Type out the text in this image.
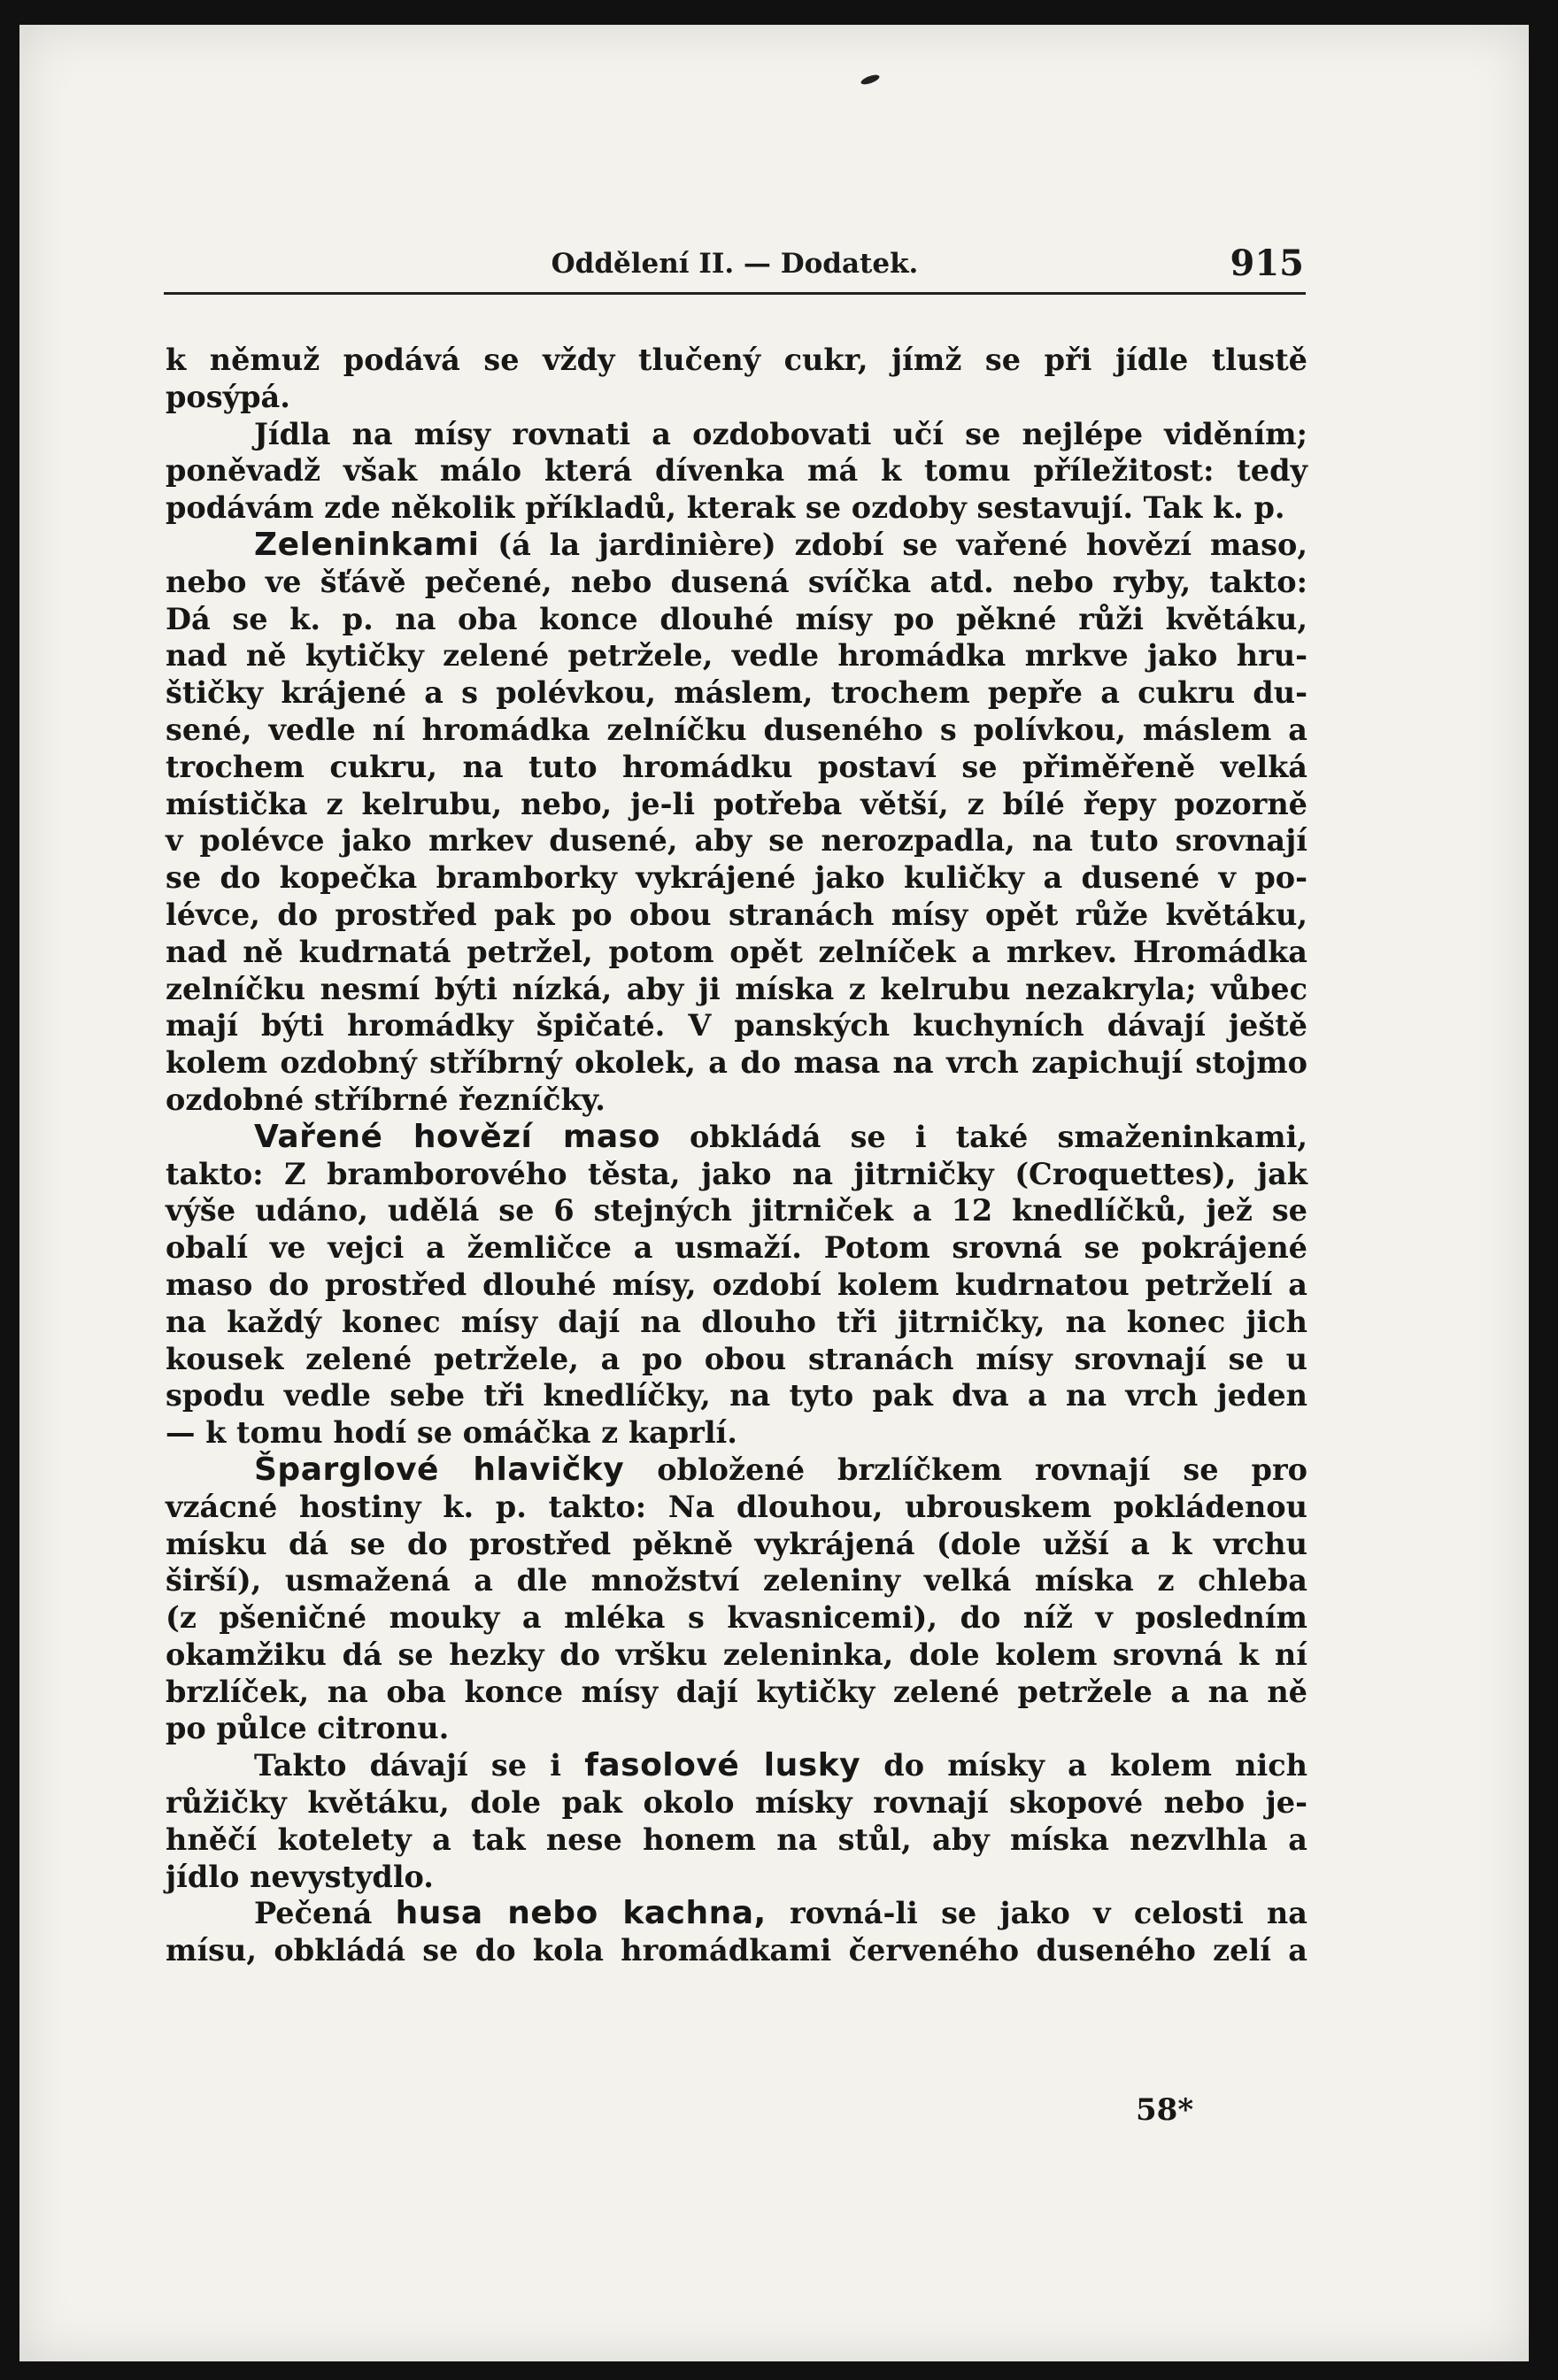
Oddělení II. — Dodatek.	915
k němuž podává se vždy tlučený cukr, jímž se při jídle tlustě
posýpá.
Jídla na mísy rovnati a ozdobovati učí se nejlépe viděním;
poněvadž však málo která dívenka má k tomu příležitost: tedy
podávám zde několik příkladů, kterak se ozdoby sestavují. Tak k. p.
Zeleninkami (á la jardinière) zdobí se vařené hovězí maso,
nebo ve šťávě pečené, nebo dusená svíčka atd. nebo ryby, takto:
Dá se k. p. na oba konce dlouhé mísy po pěkné růži květáku,
nad ně kytičky zelené petržele, vedle hromádka mrkve jako hru-
štičky krájené a s polévkou, máslem, trochem pepře a cukru du-
sené, vedle ní hromádka zelníčku duseného s polívkou, máslem a
trochem cukru, na tuto hromádku postaví se přiměřeně velká
místička z kelrubu, nebo, je-li potřeba větší, z bílé řepy pozorně
v polévce jako mrkev dusené, aby se nerozpadla, na tuto srovnají
se do kopečka bramborky vykrájené jako kuličky a dusené v po-
lévce, do prostřed pak po obou stranách mísy opět růže květáku,
nad ně kudrnatá petržel, potom opět zelníček a mrkev. Hromádka
zelníčku nesmí býti nízká, aby ji míska z kelrubu nezakryla; vůbec
mají býti hromádky špičaté. V panských kuchyních dávají ještě
kolem ozdobný stříbrný okolek, a do masa na vrch zapichují stojmo
ozdobné stříbrné řezníčky.
Vařené hovězí maso obkládá se i také smaženinkami,
takto: Z bramborového těsta, jako na jitrničky (Croquettes), jak
výše udáno, udělá se 6 stejných jitrniček a 12 knedlíčků, jež se
obalí ve vejci a žemličce a usmaží. Potom srovná se pokrájené
maso do prostřed dlouhé mísy, ozdobí kolem kudrnatou petrželí a
na každý konec mísy dají na dlouho tři jitrničky, na konec jich
kousek zelené petržele, a po obou stranách mísy srovnají se u
spodu vedle sebe tři knedlíčky, na tyto pak dva a na vrch jeden
— k tomu hodí se omáčka z kaprlí.
Šparglové hlavičky obložené brzlíčkem rovnají se pro
vzácné hostiny k. p. takto: Na dlouhou, ubrouskem pokládenou
mísku dá se do prostřed pěkně vykrájená (dole užší a k vrchu
širší), usmažená a dle množství zeleniny velká míska z chleba
(z pšeničné mouky a mléka s kvasnicemi), do níž v posledním
okamžiku dá se hezky do vršku zeleninka, dole kolem srovná k ní
brzlíček, na oba konce mísy dají kytičky zelené petržele a na ně
po půlce citronu.
Takto dávají se i fasolové lusky do mísky a kolem nich
růžičky květáku, dole pak okolo mísky rovnají skopové nebo je-
hněčí kotelety a tak nese honem na stůl, aby míska nezvlhla a
jídlo nevystydlo.
Pečená husa nebo kachna, rovná-li se jako v celosti na
mísu, obkládá se do kola hromádkami červeného duseného zelí a
58*
